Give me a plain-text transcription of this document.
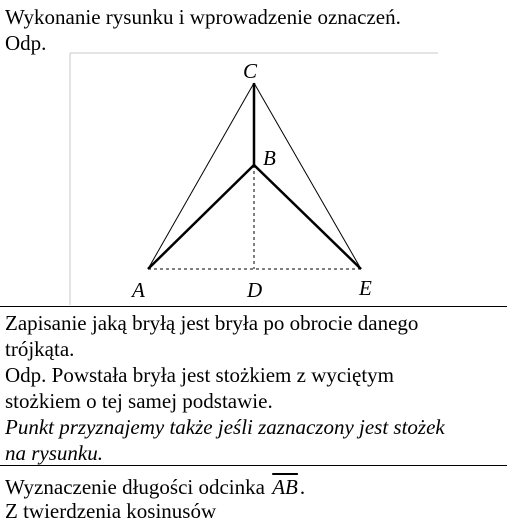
Wykonanie rysunku i wprowadzenie oznaczeń.
Odp.
C
B
A	D	E
Zapisanie jaką bryłą jest bryła po obrocie danego
trójkąta.
Odp. Powstała bryła jest stożkiem z wyciętym
stożkiem o tej samej podstawie.
Punkt przyznajemy także jeśli zaznaczony jest stożek
na rysunku.
Wyznaczenie długości odcinka $\overline{AB}$.
Z twierdzenia kosinusów
